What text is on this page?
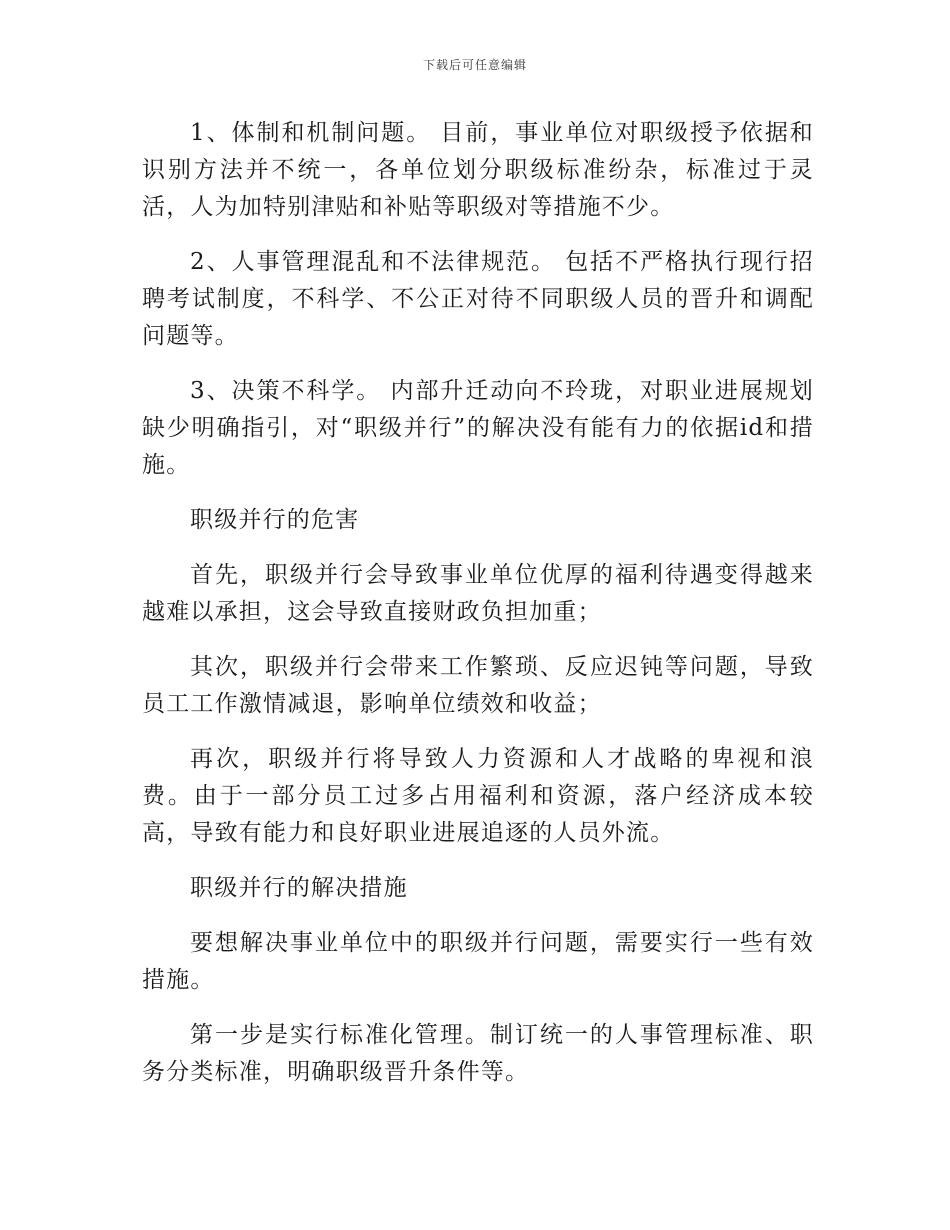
下载后可任意编辑

1、体制和机制问题。 目前，事业单位对职级授予依据和识别方法并不统一，各单位划分职级标准纷杂，标准过于灵活，人为加特别津贴和补贴等职级对等措施不少。

2、人事管理混乱和不法律规范。 包括不严格执行现行招聘考试制度，不科学、不公正对待不同职级人员的晋升和调配问题等。

3、决策不科学。 内部升迁动向不玲珑，对职业进展规划缺少明确指引，对“职级并行”的解决没有能有力的依据id和措施。

职级并行的危害

首先，职级并行会导致事业单位优厚的福利待遇变得越来越难以承担，这会导致直接财政负担加重；

其次，职级并行会带来工作繁琐、反应迟钝等问题，导致员工工作激情减退，影响单位绩效和收益；

再次，职级并行将导致人力资源和人才战略的卑视和浪费。由于一部分员工过多占用福利和资源，落户经济成本较高，导致有能力和良好职业进展追逐的人员外流。

职级并行的解决措施

要想解决事业单位中的职级并行问题，需要实行一些有效措施。

第一步是实行标准化管理。制订统一的人事管理标准、职务分类标准，明确职级晋升条件等。
